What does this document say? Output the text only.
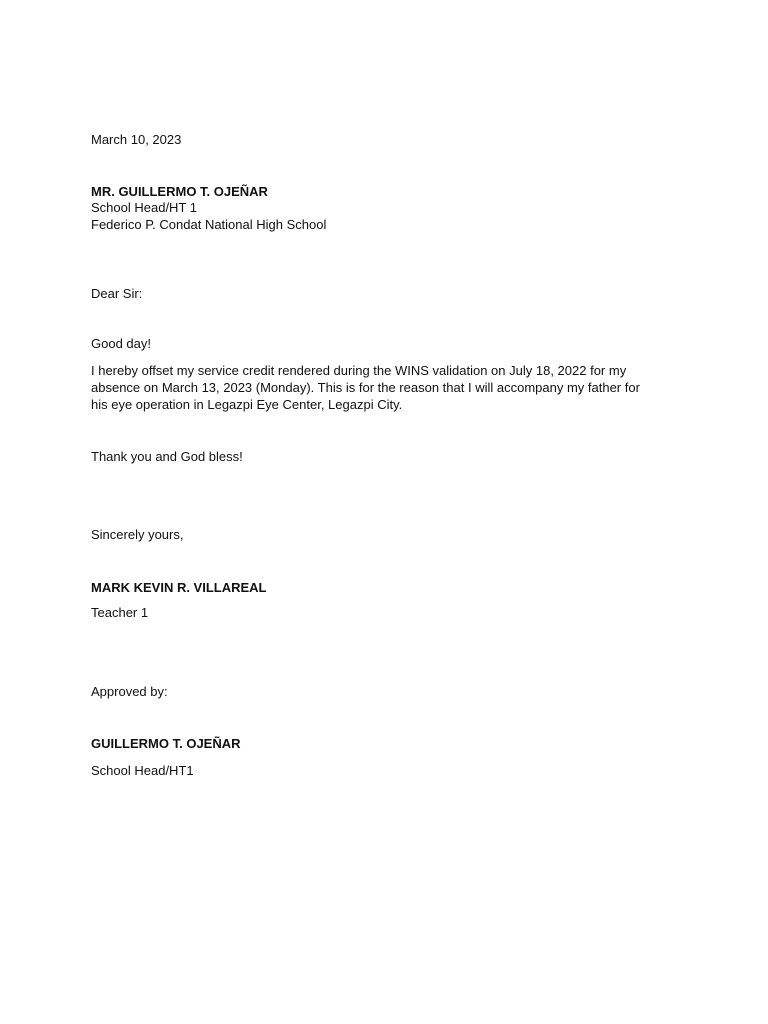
March 10, 2023
MR. GUILLERMO T. OJEÑAR
School Head/HT 1
Federico P. Condat National High School
Dear Sir:
Good day!
I hereby offset my service credit rendered during the WINS validation on July 18, 2022 for my
absence on March 13, 2023 (Monday). This is for the reason that I will accompany my father for
his eye operation in Legazpi Eye Center, Legazpi City.
Thank you and God bless!
Sincerely yours,
MARK KEVIN R. VILLAREAL
Teacher 1
Approved by:
GUILLERMO T. OJEÑAR
School Head/HT1
